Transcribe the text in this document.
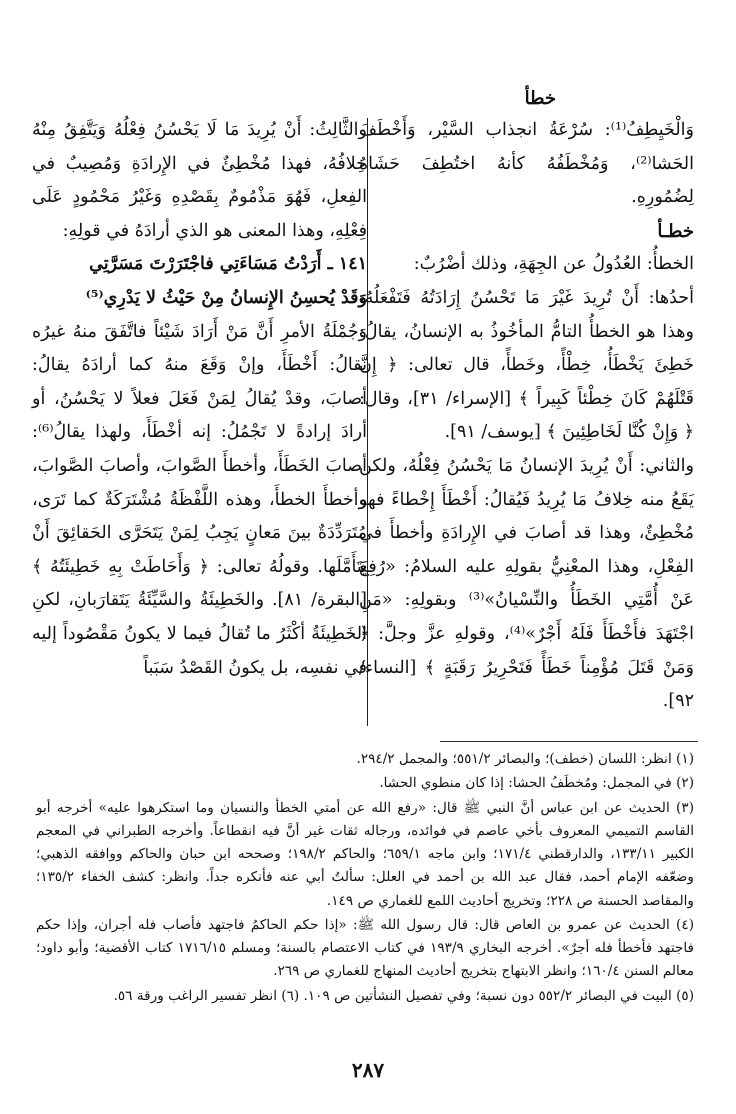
خطأ

وَالْخَيِطِفُ⁽¹⁾: سُرْعَةُ انجذاب السَّيْر، وَأَخْطَفَ الحَشا⁽²⁾، وَمُخْطَفُهُ كأنهُ اختُطِفَ حَشَاهُ لِضُمُورِهِ.

خطـأ

الخطأُ: العُدُولُ عن الجِهَةِ، وذلك أضْرُبٌ:

أحدُها: أَنْ تُرِيدَ غَيْرَ مَا تَحْسُنُ إِرَادَتُهُ فَتَفْعَلُهُ، وهذا هو الخطأُ التامُّ المأخُوذُ به الإنسانُ، يقالُ: خَطِئَ يَخْطَأُ، خِطْأً، وخَطأً، قال تعالى: ﴿ إِنَّ قَتْلَهُمْ كَانَ خِطْئاً كَبِيراً ﴾ [الإسراء/ ٣١]، وقال: ﴿ وَإِنْ كُنَّا لَخَاطِئِينَ ﴾ [يوسف/ ٩١].

والثاني: أَنْ يُرِيدَ الإنسانُ مَا يَحْسُنُ فِعْلُهُ، ولكن يَقَعُ منه خِلافُ مَا يُرِيدُ فَيُقالُ: أَخْطَأَ إِخْطاءً فهو مُخْطِئٌ، وهذا قد أصابَ في الإِرادَةِ وأخطأَ في الفِعْلِ، وهذا المعْنِيُّ بقولِهِ عليه السلامُ: «رُفِعَ عَنْ أُمَّتِي الخَطَأُ والنِّسْيانُ»⁽³⁾ وبقولِهِ: «مَنِ اجْتَهَدَ فأَخْطَأَ فَلَهُ أَجْرٌ»⁽⁴⁾، وقولهِ عزَّ وجلَّ: ﴿ وَمَنْ قَتَلَ مُؤْمِناً خَطَأً فَتَحْرِيرُ رَقَبَةٍ ﴾ [النساء/ ٩٢].

والثَّالِثُ: أَنْ يُرِيدَ مَا لَا يَحْسُنُ فِعْلُهُ وَيَتَّفِقُ مِنْهُ خِلافُهُ، فهذا مُخْطِئٌ في الإِرادَةِ وَمُصِيبٌ في الفِعلِ، فَهُوَ مَذْمُومٌ بِقَصْدِهِ وَغَيْرُ مَحْمُودٍ عَلَى فِعْلِهِ، وهذا المعنى هو الذي أرادَهُ في قولِهِ:

١٤١ ـ أَرَدْتُ مَسَاءَتِي فاجْتَرَرْتَ مَسَرَّتِي

وَقَدْ يُحسِنُ الإِنسانُ مِنْ حَيْثُ لا يَدْرِي⁽⁵⁾

وَجُمْلَةُ الأمرِ أَنَّ مَنْ أَرَادَ شَيْئاً فاتَّفَقَ منهُ غيرُه يقالُ: أَخْطَأَ، وإنْ وَقَعَ منهُ كما أرادَهُ يقالُ: أصابَ، وقدْ يُقالُ لِمَنْ فَعَلَ فعلاً لا يَحْسُنُ، أو أرادَ إرادةً لا تَجْمُلُ: إنه أخْطَأَ، ولهذا يقالُ⁽⁶⁾: أصابَ الخَطَأَ، وأخطأَ الصَّوابَ، وأصابَ الصَّوابَ، وأخطأَ الخطأَ، وهذه اللَّفْظَةُ مُشْتَرَكَةٌ كما تَرَى، مُتَرَدِّدَةٌ بينَ مَعانٍ يَجِبُ لِمَنْ يَتَحَرَّى الحَقائِقَ أَنْ يَتَأَمَّلَها. وقولُهُ تعالى: ﴿ وَأَحَاطَتْ بِهِ خَطِيئَتُهُ ﴾ [البقرة/ ٨١]. والخَطِيئَةُ والسَّيِّئَةُ يَتَقارَبانِ، لكنِ الخَطِيئَةُ أكْثَرُ ما تُقالُ فيما لا يكونُ مَقْصُوداً إليه في نفسِه، بل يكونُ القَصْدُ سَبَباً

(١) انظر: اللسان (خطف)؛ والبصائر ٥٥١/٢؛ والمجمل ٢٩٤/٢.

(٢) في المجمل: ومُخطَفُ الحشا: إذا كان منطوي الحشا.

(٣) الحديث عن ابن عباس أنَّ النبي ﷺ قال: «رفع الله عن أمتي الخطأ والنسيان وما استكرهوا عليه» أخرجه أبو القاسم التميمي المعروف بأخي عاصم في فوائده، ورجاله ثقات غير أنَّ فيه انقطاعاً. وأخرجه الطبراني في المعجم الكبير ١٣٣/١١، والدارقطني ١٧١/٤؛ وابن ماجه ٦٥٩/١؛ والحاكم ١٩٨/٢؛ وصححه ابن حبان والحاكم ووافقه الذهبي؛ وضعّفه الإمام أحمد، فقال عبد الله بن أحمد في العلل: سألتُ أبي عنه فأنكره جداً. وانظر: كشف الخفاء ١٣٥/٢؛ والمقاصد الحسنة ص ٢٢٨؛ وتخريج أحاديث اللمع للغماري ص ١٤٩.

(٤) الحديث عن عمرو بن العاص قال: قال رسول الله ﷺ: «إذا حكم الحاكمُ فاجتهد فأصاب فله أجران، وإذا حكم فاجتهد فأخطأ فله أجرٌ». أخرجه البخاري ١٩٣/٩ في كتاب الاعتصام بالسنة؛ ومسلم ١٧١٦/١٥ كتاب الأقضية؛ وأبو داود؛ معالم السنن ١٦٠/٤؛ وانظر الابتهاج بتخريج أحاديث المنهاج للغماري ص ٢٦٩.

(٥) البيت في البصائر ٥٥٢/٢ دون نسبة؛ وفي تفصيل النشأتين ص ١٠٩. (٦) انظر تفسير الراغب ورقة ٥٦.

٢٨٧
